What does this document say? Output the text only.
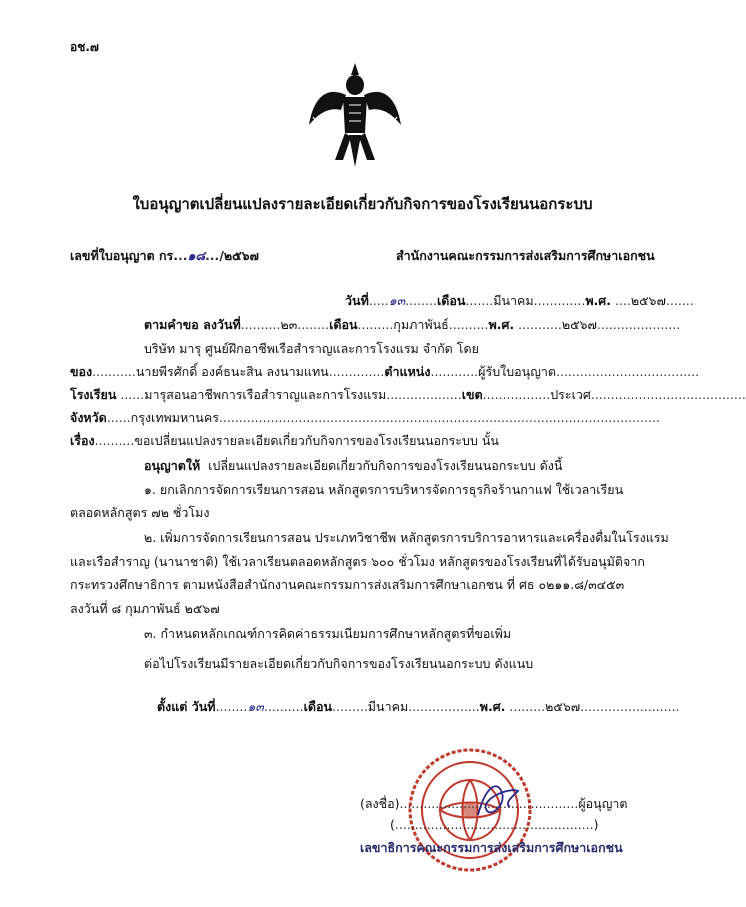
อช.๗
ใบอนุญาตเปลี่ยนแปลงรายละเอียดเกี่ยวกับกิจการของโรงเรียนนอกระบบ
เลขที่ใบอนุญาต กร...๑๘.../๒๕๖๗	สำนักงานคณะกรรมการส่งเสริมการศึกษาเอกชน
วันที่.....๑๓........เดือน.......มีนาคม.............พ.ศ. ....๒๕๖๗.......
ตามคำขอ ลงวันที่..........๒๓........เดือน.........กุมภาพันธ์..........พ.ศ. ...........๒๕๖๗.....................
บริษัท มารุ ศูนย์ฝึกอาชีพเรือสำราญและการโรงแรม จำกัด โดย
ของ...........นายพีรศักดิ์ องค์ธนะสิน ลงนามแทน..............ตำแหน่ง............ผู้รับใบอนุญาต....................................
โรงเรียน ......มารุสอนอาชีพการเรือสำราญและการโรงแรม...................เขต.................ประเวศ.......................................
จังหวัด......กรุงเทพมหานคร...............................................................................................................
เรื่อง..........ขอเปลี่ยนแปลงรายละเอียดเกี่ยวกับกิจการของโรงเรียนนอกระบบ นั้น
อนุญาตให้ เปลี่ยนแปลงรายละเอียดเกี่ยวกับกิจการของโรงเรียนนอกระบบ ดังนี้
๑. ยกเลิกการจัดการเรียนการสอน หลักสูตรการบริหารจัดการธุรกิจร้านกาแฟ ใช้เวลาเรียน
ตลอดหลักสูตร ๗๒ ชั่วโมง
๒. เพิ่มการจัดการเรียนการสอน ประเภทวิชาชีพ หลักสูตรการบริการอาหารและเครื่องดื่มในโรงแรม
และเรือสำราญ (นานาชาติ) ใช้เวลาเรียนตลอดหลักสูตร ๖๐๐ ชั่วโมง หลักสูตรของโรงเรียนที่ได้รับอนุมัติจาก
กระทรวงศึกษาธิการ ตามหนังสือสำนักงานคณะกรรมการส่งเสริมการศึกษาเอกชน ที่ ศธ ๐๒๑๑.๘/๓๔๕๓
ลงวันที่ ๘ กุมภาพันธ์ ๒๕๖๗
๓. กำหนดหลักเกณฑ์การคิดค่าธรรมเนียมการศึกษาหลักสูตรที่ขอเพิ่ม
ต่อไปโรงเรียนมีรายละเอียดเกี่ยวกับกิจการของโรงเรียนนอกระบบ ดังแนบ
ตั้งแต่ วันที่........๑๓..........เดือน.........มีนาคม..................พ.ศ. .........๒๕๖๗.........................
(ลงชื่อ).............................................ผู้อนุญาต
(..................................................)
เลขาธิการคณะกรรมการส่งเสริมการศึกษาเอกชน
